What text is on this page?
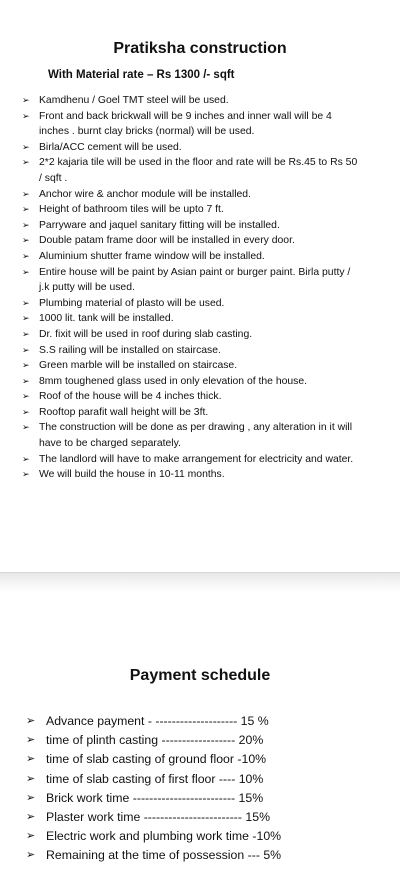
Pratiksha construction
With Material rate – Rs 1300 /- sqft
➢ Kamdhenu / Goel TMT steel will be used.
➢ Front and back brickwall will be 9 inches and inner wall will be 4 inches . burnt clay bricks (normal) will be used.
➢ Birla/ACC cement will be used.
➢ 2*2 kajaria tile will be used in the floor and rate will be Rs.45 to Rs 50 / sqft .
➢ Anchor wire & anchor module will be installed.
➢ Height of bathroom tiles will be upto 7 ft.
➢ Parryware and jaquel sanitary fitting will be installed.
➢ Double patam frame door will be installed in every door.
➢ Aluminium shutter frame window will be installed.
➢ Entire house will be paint by Asian paint or burger paint. Birla putty / j.k putty will be used.
➢ Plumbing material of plasto will be used.
➢ 1000 lit. tank will be installed.
➢ Dr. fixit will be used in roof during slab casting.
➢ S.S railing will be installed on staircase.
➢ Green marble will be installed on staircase.
➢ 8mm toughened glass used in only elevation of the house.
➢ Roof of the house will be 4 inches thick.
➢ Rooftop parafit wall height will be 3ft.
➢ The construction will be done as per drawing , any alteration in it will have to be charged separately.
➢ The landlord will have to make arrangement for electricity and water.
➢ We will build the house in 10-11 months.
Payment schedule
➢ Advance payment - -------------------- 15 %
➢ time of plinth casting ------------------ 20%
➢ time of slab casting of ground floor -10%
➢ time of slab casting of first floor ---- 10%
➢ Brick work time ------------------------- 15%
➢ Plaster work time ------------------------ 15%
➢ Electric work and plumbing work time -10%
➢ Remaining at the time of possession --- 5%
